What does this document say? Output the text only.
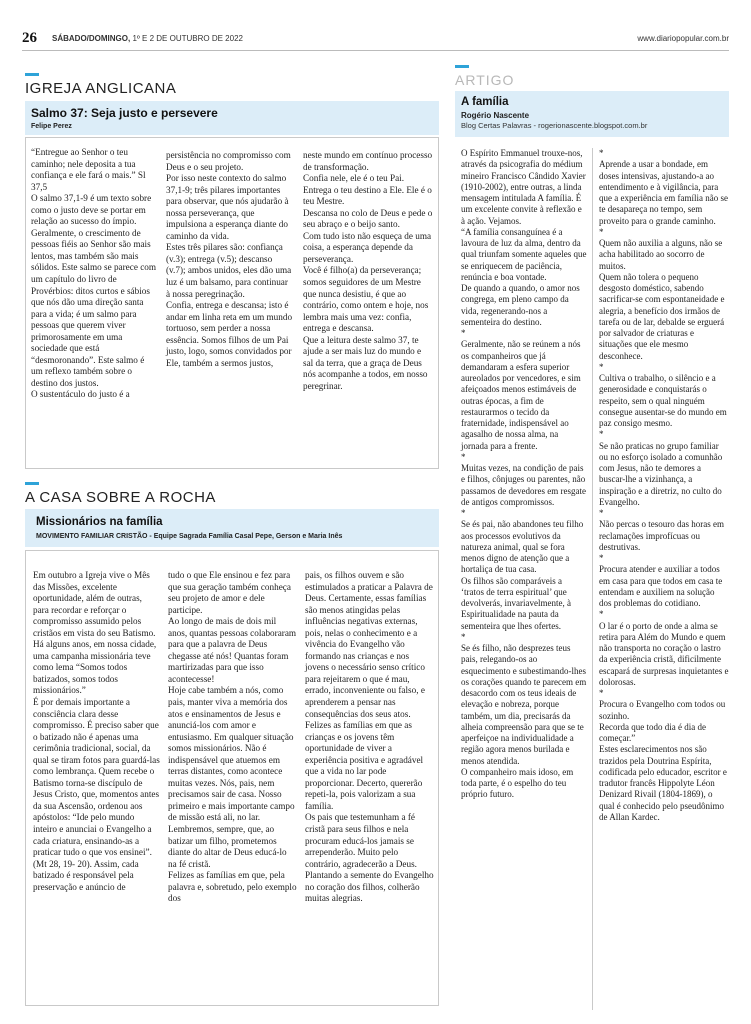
26 SÁBADO/DOMINGO, 1º E 2 DE OUTUBRO DE 2022	www.diariopopular.com.br
IGREJA ANGLICANA
Salmo 37: Seja justo e persevere
Felipe Perez
“Entregue ao Senhor o teu caminho; nele deposita a tua confiança e ele fará o mais.” Sl 37,5
O salmo 37,1-9 é um texto sobre como o justo deve se portar em relação ao sucesso do ímpio. Geralmente, o crescimento de pessoas fiéis ao Senhor são mais lentos, mas também são mais sólidos. Este salmo se parece com um capítulo do livro de Provérbios: ditos curtos e sábios que nós dão uma direção santa para a vida; é um salmo para pessoas que querem viver primorosamente em uma sociedade que está “desmoronando”. Este salmo é um reflexo também sobre o destino dos justos.
O sustentáculo do justo é a
persistência no compromisso com Deus e o seu projeto.
Por isso neste contexto do salmo 37,1-9; três pilares importantes para observar, que nós ajudarão à nossa perseverança, que impulsiona a esperança diante do caminho da vida.
Estes três pilares são: confiança (v.3); entrega (v.5); descanso (v.7); ambos unidos, eles dão uma luz é um balsamo, para continuar à nossa peregrinação.
Confia, entrega e descansa; isto é andar em linha reta em um mundo tortuoso, sem perder a nossa essência. Somos filhos de um Pai justo, logo, somos convidados por Ele, também a sermos justos,
neste mundo em contínuo processo de transformação.
Confia nele, ele é o teu Pai.
Entrega o teu destino a Ele. Ele é o teu Mestre.
Descansa no colo de Deus e pede o seu abraço e o beijo santo.
Com tudo isto não esqueça de uma coisa, a esperança depende da perseverança.
Você é filho(a) da perseverança; somos seguidores de um Mestre que nunca desistiu, é que ao contrário, como ontem e hoje, nos lembra mais uma vez: confia, entrega e descansa.
Que a leitura deste salmo 37, te ajude a ser mais luz do mundo e sal da terra, que a graça de Deus nós acompanhe a todos, em nosso peregrinar.
A CASA SOBRE A ROCHA
Missionários na família
MOVIMENTO FAMILIAR CRISTÃO - Equipe Sagrada Família Casal Pepe, Gerson e Maria Inês
Em outubro a Igreja vive o Mês das Missões, excelente oportunidade, além de outras, para recordar e reforçar o compromisso assumido pelos cristãos em vista do seu Batismo. Há alguns anos, em nossa cidade, uma campanha missionária teve como lema “Somos todos batizados, somos todos missionários.”
É por demais importante a consciência clara desse compromisso. É preciso saber que o batizado não é apenas uma cerimônia tradicional, social, da qual se tiram fotos para guardá-las como lembrança. Quem recebe o Batismo torna-se discípulo de Jesus Cristo, que, momentos antes da sua Ascensão, ordenou aos apóstolos: “Ide pelo mundo inteiro e anunciai o Evangelho a cada criatura, ensinando-as a praticar tudo o que vos ensinei”. (Mt 28, 19- 20). Assim, cada batizado é responsável pela preservação e anúncio de
tudo o que Ele ensinou e fez para que sua geração também conheça seu projeto de amor e dele participe.
Ao longo de mais de dois mil anos, quantas pessoas colaboraram para que a palavra de Deus chegasse até nós! Quantas foram martirizadas para que isso acontecesse!
Hoje cabe também a nós, como pais, manter viva a memória dos atos e ensinamentos de Jesus e anunciá-los com amor e entusiasmo. Em qualquer situação somos missionários. Não é indispensável que atuemos em terras distantes, como acontece muitas vezes. Nós, pais, nem precisamos sair de casa. Nosso primeiro e mais importante campo de missão está ali, no lar. Lembremos, sempre, que, ao batizar um filho, prometemos diante do altar de Deus educá-lo na fé cristã.
Felizes as famílias em que, pela palavra e, sobretudo, pelo exemplo dos
pais, os filhos ouvem e são estimulados a praticar a Palavra de Deus. Certamente, essas famílias são menos atingidas pelas influências negativas externas, pois, nelas o conhecimento e a vivência do Evangelho vão formando nas crianças e nos jovens o necessário senso crítico para rejeitarem o que é mau, errado, inconveniente ou falso, e aprenderem a pensar nas consequências dos seus atos.
Felizes as famílias em que as crianças e os jovens têm oportunidade de viver a experiência positiva e agradável que a vida no lar pode proporcionar. Decerto, quererão repeti-la, pois valorizam a sua família.
Os pais que testemunham a fé cristã para seus filhos e nela procuram educá-los jamais se arrependerão. Muito pelo contrário, agradecerão a Deus. Plantando a semente do Evangelho no coração dos filhos, colherão muitas alegrias.
ARTIGO
A família
Rogério Nascente
Blog Certas Palavras - rogerionascente.blogspot.com.br
O Espírito Emmanuel trouxe-nos, através da psicografia do médium mineiro Francisco Cândido Xavier (1910-2002), entre outras, a linda mensagem intitulada A família. É um excelente convite à reflexão e à ação. Vejamos.
“A família consanguínea é a lavoura de luz da alma, dentro da qual triunfam somente aqueles que se enriquecem de paciência, renúncia e boa vontade.
De quando a quando, o amor nos congrega, em pleno campo da vida, regenerando-nos a sementeira do destino.
*
Geralmente, não se reúnem a nós os companheiros que já demandaram a esfera superior aureolados por vencedores, e sim afeiçoados menos estimáveis de outras épocas, a fim de restaurarmos o tecido da fraternidade, indispensável ao agasalho de nossa alma, na jornada para a frente.
*
Muitas vezes, na condição de pais e filhos, cônjuges ou parentes, não passamos de devedores em resgate de antigos compromissos.
*
Se és pai, não abandones teu filho aos processos evolutivos da natureza animal, qual se fora menos digno de atenção que a hortaliça de tua casa.
Os filhos são comparáveis a ‘tratos de terra espiritual’ que devolverás, invariavelmente, à Espiritualidade na pauta da sementeira que lhes ofertes.
*
Se és filho, não desprezes teus pais, relegando-os ao esquecimento e subestimando-lhes os corações quando te parecem em desacordo com os teus ideais de elevação e nobreza, porque também, um dia, precisarás da alheia compreensão para que se te aperfeiçoe na individualidade a região agora menos burilada e menos atendida.
O companheiro mais idoso, em toda parte, é o espelho do teu próprio futuro.
*
Aprende a usar a bondade, em doses intensivas, ajustando-a ao entendimento e à vigilância, para que a experiência em família não se te desapareça no tempo, sem proveito para o grande caminho.
*
Quem não auxilia a alguns, não se acha habilitado ao socorro de muitos.
Quem não tolera o pequeno desgosto doméstico, sabendo sacrificar-se com espontaneidade e alegria, a benefício dos irmãos de tarefa ou de lar, debalde se erguerá por salvador de criaturas e situações que ele mesmo desconhece.
*
Cultiva o trabalho, o silêncio e a generosidade e conquistarás o respeito, sem o qual ninguém consegue ausentar-se do mundo em paz consigo mesmo.
*
Se não praticas no grupo familiar ou no esforço isolado a comunhão com Jesus, não te demores a buscar-lhe a vizinhança, a inspiração e a diretriz, no culto do Evangelho.
*
Não percas o tesouro das horas em reclamações improfícuas ou destrutivas.
*
Procura atender e auxiliar a todos em casa para que todos em casa te entendam e auxiliem na solução dos problemas do cotidiano.
*
O lar é o porto de onde a alma se retira para Além do Mundo e quem não transporta no coração o lastro da experiência cristã, dificilmente escapará de surpresas inquietantes e dolorosas.
*
Procura o Evangelho com todos ou sozinho.
Recorda que todo dia é dia de começar.”
Estes esclarecimentos nos são trazidos pela Doutrina Espírita, codificada pelo educador, escritor e tradutor francês Hippolyte Léon Denizard Rivail (1804-1869), o qual é conhecido pelo pseudônimo de Allan Kardec.
